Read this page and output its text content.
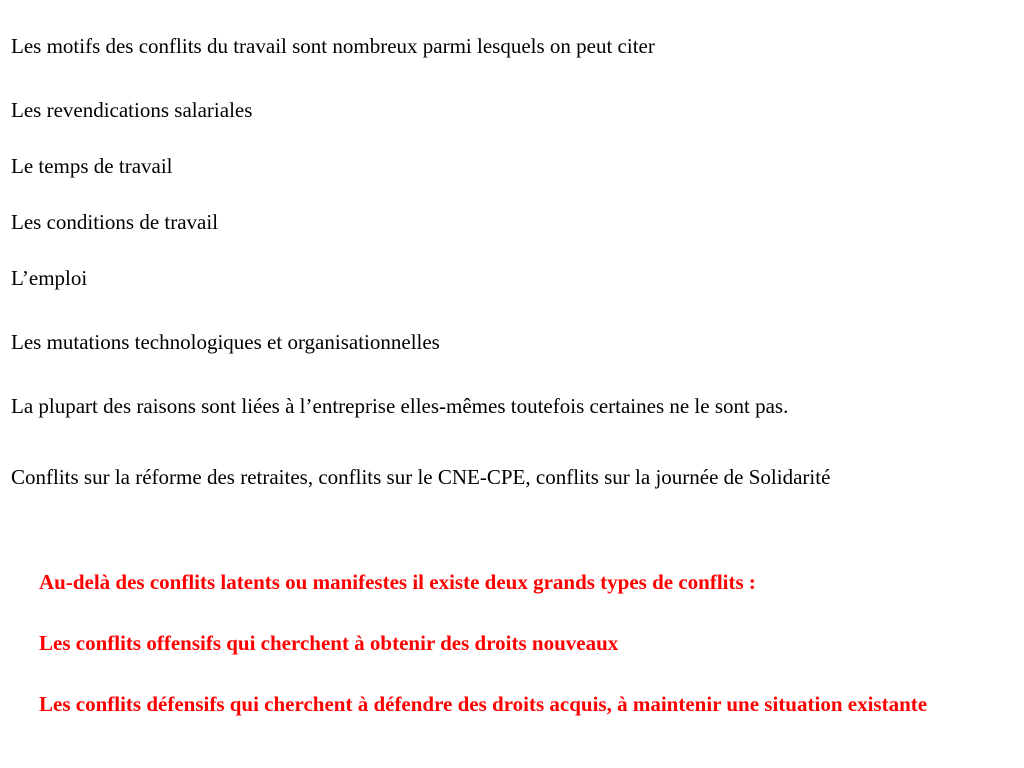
Les motifs des conflits du travail sont nombreux parmi lesquels on peut citer

Les revendications salariales

Le temps de travail

Les conditions de travail

L’emploi

Les mutations technologiques et organisationnelles

La plupart des raisons sont liées à l’entreprise elles-mêmes toutefois certaines ne le sont pas.

Conflits sur la réforme des retraites, conflits sur le CNE-CPE, conflits sur la journée de Solidarité

Au-delà des conflits latents ou manifestes il existe deux grands types de conflits :

Les conflits offensifs qui cherchent à obtenir des droits nouveaux

Les conflits défensifs qui cherchent à défendre des droits acquis, à maintenir une situation existante
